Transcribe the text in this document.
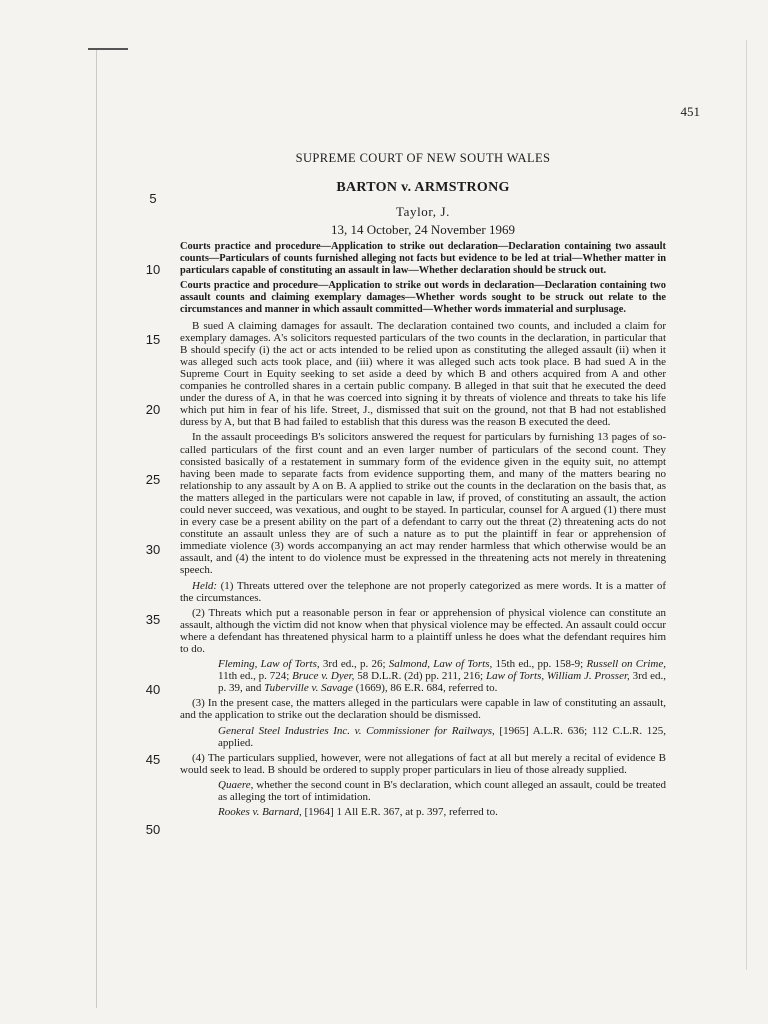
451
SUPREME COURT OF NEW SOUTH WALES
BARTON v. ARMSTRONG
Taylor, J.
13, 14 October, 24 November 1969
5
10
15
20
25
30
35
40
45
50

Courts practice and procedure—Application to strike out declaration—Declaration containing two assault counts—Particulars of counts furnished alleging not facts but evidence to be led at trial—Whether matter in particulars capable of constituting an assault in law—Whether declaration should be struck out.

Courts practice and procedure—Application to strike out words in declaration—Declaration containing two assault counts and claiming exemplary damages—Whether words sought to be struck out relate to the circumstances and manner in which assault committed—Whether words immaterial and surplusage.

B sued A claiming damages for assault. The declaration contained two counts, and included a claim for exemplary damages. A's solicitors requested particulars of the two counts in the declaration, in particular that B should specify (i) the act or acts intended to be relied upon as constituting the alleged assault (ii) when it was alleged such acts took place, and (iii) where it was alleged such acts took place. B had sued A in the Supreme Court in Equity seeking to set aside a deed by which B and others acquired from A and other companies he controlled shares in a certain public company. B alleged in that suit that he executed the deed under the duress of A, in that he was coerced into signing it by threats of violence and threats to take his life which put him in fear of his life. Street, J., dismissed that suit on the ground, not that B had not established duress by A, but that B had failed to establish that this duress was the reason B executed the deed.

In the assault proceedings B's solicitors answered the request for particulars by furnishing 13 pages of so-called particulars of the first count and an even larger number of particulars of the second count. They consisted basically of a restatement in summary form of the evidence given in the equity suit, no attempt having been made to separate facts from evidence supporting them, and many of the matters bearing no relationship to any assault by A on B. A applied to strike out the counts in the declaration on the basis that, as the matters alleged in the particulars were not capable in law, if proved, of constituting an assault, the action could never succeed, was vexatious, and ought to be stayed. In particular, counsel for A argued (1) there must in every case be a present ability on the part of a defendant to carry out the threat (2) threatening acts do not constitute an assault unless they are of such a nature as to put the plaintiff in fear or apprehension of immediate violence (3) words accompanying an act may render harmless that which otherwise would be an assault, and (4) the intent to do violence must be expressed in the threatening acts not merely in threatening speech.

Held: (1) Threats uttered over the telephone are not properly categorized as mere words. It is a matter of the circumstances.

(2) Threats which put a reasonable person in fear or apprehension of physical violence can constitute an assault, although the victim did not know when that physical violence may be effected. An assault could occur where a defendant has threatened physical harm to a plaintiff unless he does what the defendant requires him to do.

Fleming, Law of Torts, 3rd ed., p. 26; Salmond, Law of Torts, 15th ed., pp. 158-9; Russell on Crime, 11th ed., p. 724; Bruce v. Dyer, 58 D.L.R. (2d) pp. 211, 216; Law of Torts, William J. Prosser, 3rd ed., p. 39, and Tuberville v. Savage (1669), 86 E.R. 684, referred to.

(3) In the present case, the matters alleged in the particulars were capable in law of constituting an assault, and the application to strike out the declaration should be dismissed.

General Steel Industries Inc. v. Commissioner for Railways, [1965] A.L.R. 636; 112 C.L.R. 125, applied.

(4) The particulars supplied, however, were not allegations of fact at all but merely a recital of evidence B would seek to lead. B should be ordered to supply proper particulars in lieu of those already supplied.

Quaere, whether the second count in B's declaration, which count alleged an assault, could be treated as alleging the tort of intimidation.

Rookes v. Barnard, [1964] 1 All E.R. 367, at p. 397, referred to.
